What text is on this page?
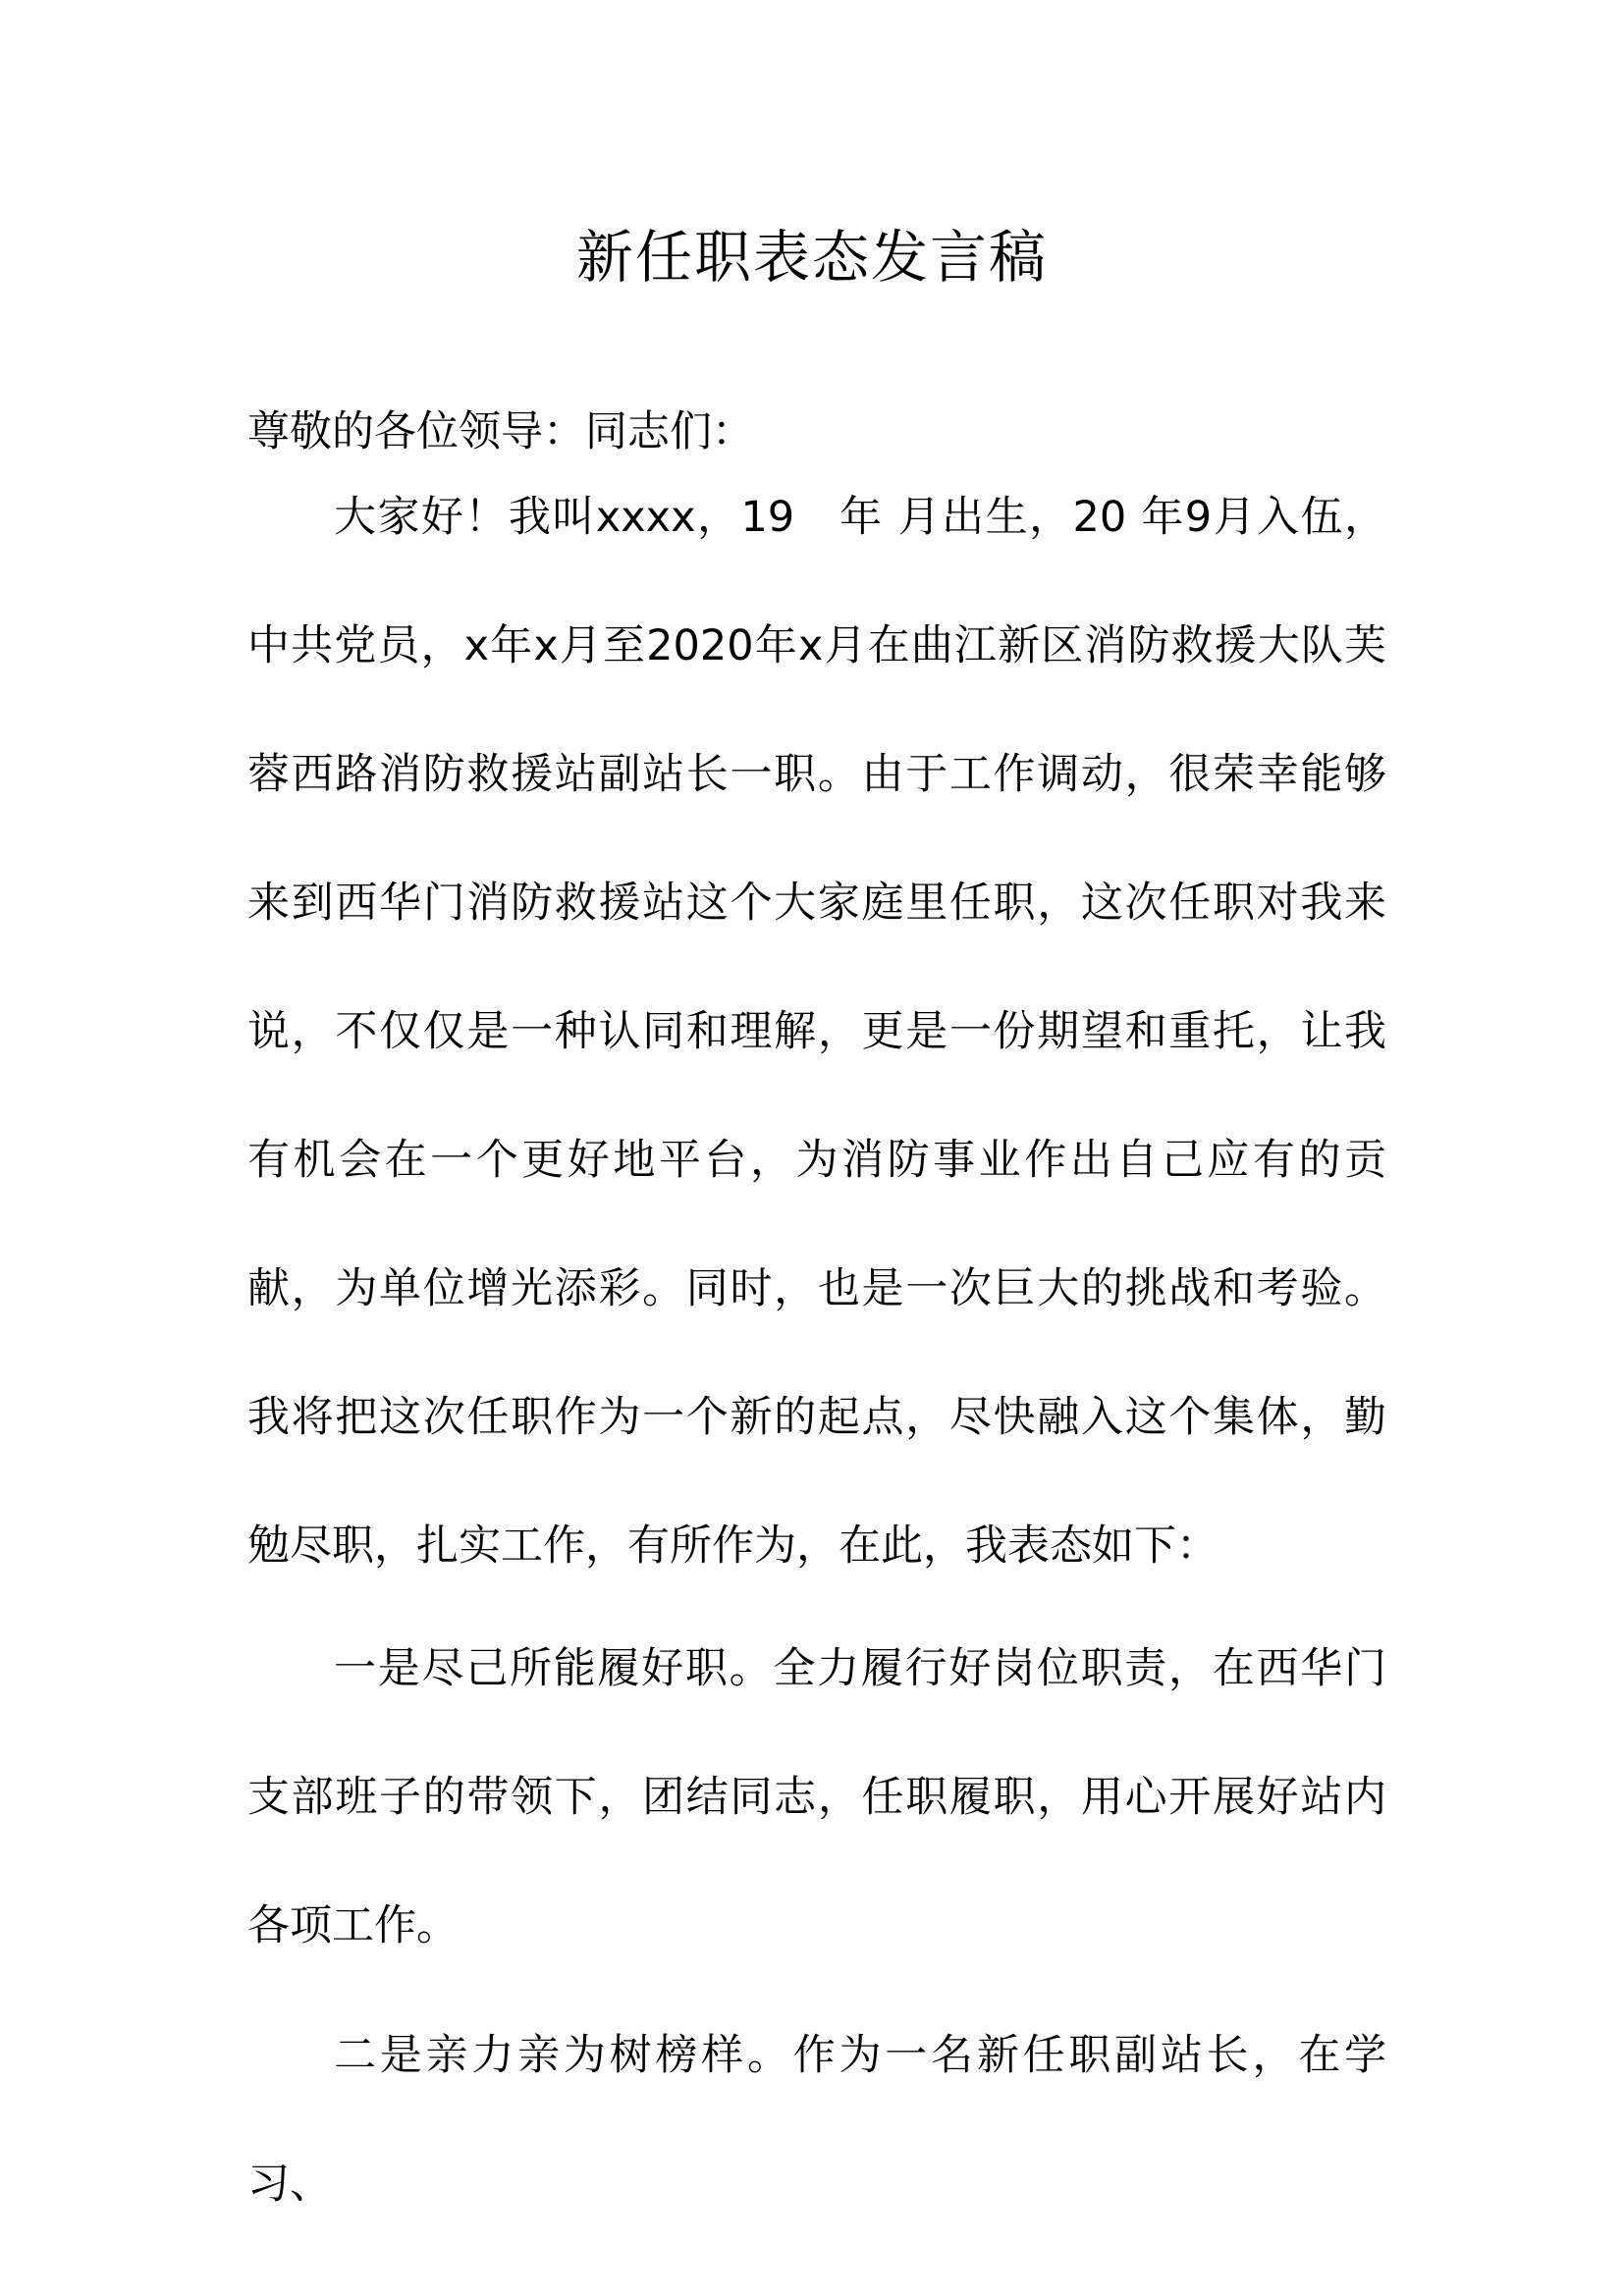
新任职表态发言稿
尊敬的各位领导：同志们：

大家好！我叫xxxx，19　年 月出生，20 年9月入伍，中共党员，x年x月至2020年x月在曲江新区消防救援大队芙蓉西路消防救援站副站长一职。由于工作调动，很荣幸能够来到西华门消防救援站这个大家庭里任职，这次任职对我来说，不仅仅是一种认同和理解，更是一份期望和重托，让我有机会在一个更好地平台，为消防事业作出自己应有的贡献，为单位增光添彩。同时，也是一次巨大的挑战和考验。我将把这次任职作为一个新的起点，尽快融入这个集体，勤勉尽职，扎实工作，有所作为，在此，我表态如下：

一是尽己所能履好职。全力履行好岗位职责，在西华门支部班子的带领下，团结同志，任职履职，用心开展好站内各项工作。

二是亲力亲为树榜样。作为一名新任职副站长，在学习、
